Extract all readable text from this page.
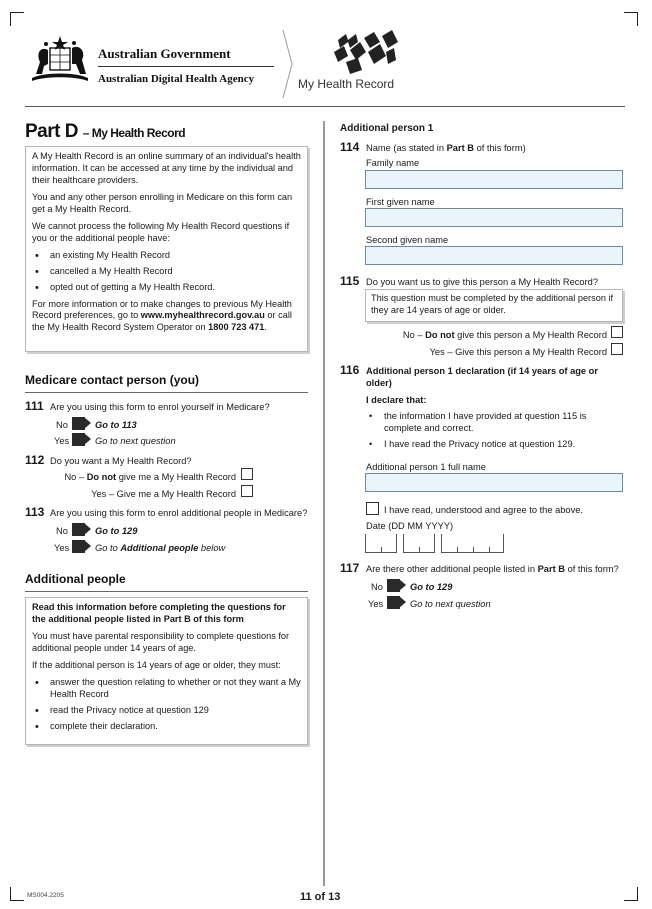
Australian Government
Australian Digital Health Agency	My Health Record
Part D – My Health Record

A My Health Record is an online summary of an individual's health information. It can be accessed at any time by the individual and their healthcare providers.

You and any other person enrolling in Medicare on this form can get a My Health Record.

We cannot process the following My Health Record questions if you or the additional people have:

• an existing My Health Record
• cancelled a My Health Record
• opted out of getting a My Health Record.

For more information or to make changes to previous My Health Record preferences, go to www.myhealthrecord.gov.au or call the My Health Record System Operator on 1800 723 471.

Medicare contact person (you)
111 Are you using this form to enrol yourself in Medicare?
No	Go to 113
Yes	Go to next question
112 Do you want a My Health Record?
No – Do not give me a My Health Record
Yes – Give me a My Health Record
113 Are you using this form to enrol additional people in Medicare?
No	Go to 129
Yes	Go to Additional people below
Additional people

Read this information before completing the questions for the additional people listed in Part B of this form

You must have parental responsibility to complete questions for additional people under 14 years of age.

If the additional person is 14 years of age or older, they must:

• answer the question relating to whether or not they want a My Health Record
• read the Privacy notice at question 129
• complete their declaration.
Additional person 1
114 Name (as stated in Part B of this form)
Family name
First given name
Second given name
115 Do you want us to give this person a My Health Record?
This question must be completed by the additional person if they are 14 years of age or older.
No – Do not give this person a My Health Record
Yes – Give this person a My Health Record
116 Additional person 1 declaration (if 14 years of age or older)
I declare that:
• the information I have provided at question 115 is complete and correct.
• I have read the Privacy notice at question 129.
Additional person 1 full name
I have read, understood and agree to the above.
Date (DD MM YYYY)
117 Are there other additional people listed in Part B of this form?
No	Go to 129
Yes	Go to next question
MS004.2205	11 of 13
